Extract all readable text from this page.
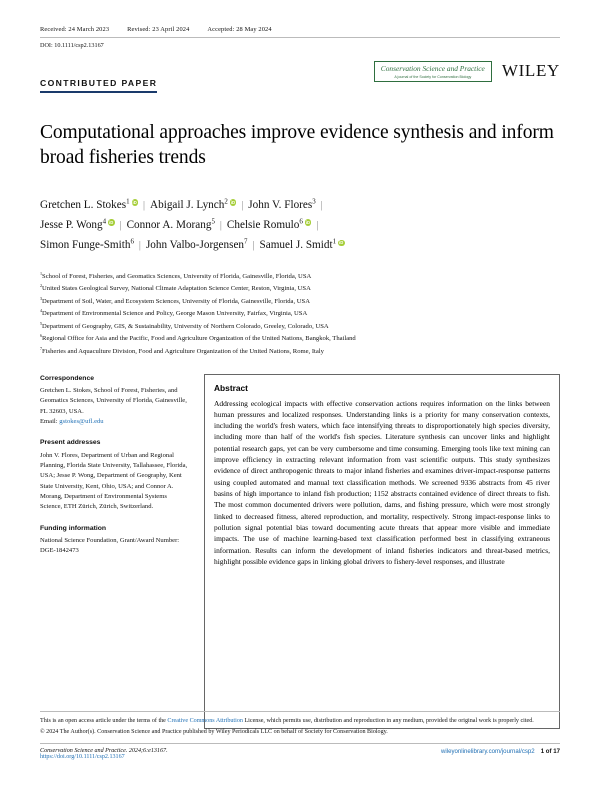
Received: 24 March 2023	Revised: 23 April 2024	Accepted: 28 May 2024
DOI: 10.1111/csp2.13167
CONTRIBUTED PAPER
Conservation Science and Practice
A journal of the Society for Conservation Biology	WILEY
Computational approaches improve evidence synthesis and inform broad fisheries trends
Gretchen L. Stokes$^1$ iD | Abigail J. Lynch$^2$ iD | John V. Flores$^3$ |
Jesse P. Wong$^4$ iD | Connor A. Morang$^5$ | Chelsie Romulo$^6$ iD |
Simon Funge-Smith$^6$ | John Valbo-Jorgensen$^7$ | Samuel J. Smidt$^1$iD
$^1$School of Forest, Fisheries, and Geomatics Sciences, University of Florida, Gainesville, Florida, USA
$^2$United States Geological Survey, National Climate Adaptation Science Center, Reston, Virginia, USA
$^3$Department of Soil, Water, and Ecosystem Sciences, University of Florida, Gainesville, Florida, USA
$^4$Department of Environmental Science and Policy, George Mason University, Fairfax, Virginia, USA
$^5$Department of Geography, GIS, & Sustainability, University of Northern Colorado, Greeley, Colorado, USA
$^6$Regional Office for Asia and the Pacific, Food and Agriculture Organization of the United Nations, Bangkok, Thailand
$^7$Fisheries and Aquaculture Division, Food and Agriculture Organization of the United Nations, Rome, Italy
Correspondence
Gretchen L. Stokes, School of Forest, Fisheries, and Geomatics Sciences, University of Florida, Gainesville, FL 32603, USA.
Email: gstokes@ufl.edu
Present addresses
John V. Flores, Department of Urban and Regional Planning, Florida State University, Tallahassee, Florida, USA; Jesse P. Wong, Department of Geography, Kent State University, Kent, Ohio, USA; and Connor A. Morang, Department of Environmental Systems Science, ETH Zürich, Zürich, Switzerland.
Funding information
National Science Foundation, Grant/Award Number: DGE-1842473
Abstract

Addressing ecological impacts with effective conservation actions requires information on the links between human pressures and localized responses. Understanding links is a priority for many conservation contexts, including the world's fresh waters, which face intensifying threats to disproportionately high species diversity, including more than half of the world's fish species. Literature synthesis can uncover links and highlight potential research gaps, yet can be very cumbersome and time consuming. Emerging tools like text mining can improve efficiency in extracting relevant information from vast scientific outputs. This study synthesizes evidence of direct anthropogenic threats to major inland fisheries and examines driver-impact-response patterns using coupled automated and manual text classification methods. We screened 9336 abstracts from 45 river basins of high importance to inland fish production; 1152 abstracts contained evidence of direct threats to fish. The most common documented drivers were pollution, dams, and fishing pressure, which were most strongly linked to decreased fitness, altered reproduction, and mortality, respectively. Strong impact-response links to pollution signal potential bias toward documenting acute threats that appear more visible and immediate impacts. The use of machine learning-based text classification performed best in classifying extraneous information. Results can inform the development of inland fisheries indicators and threat-based metrics, highlight possible evidence gaps in linking global drivers to fishery-level responses, and illustrate

This is an open access article under the terms of the Creative Commons Attribution License, which permits use, distribution and reproduction in any medium, provided the original work is properly cited.
© 2024 The Author(s). Conservation Science and Practice published by Wiley Periodicals LLC on behalf of Society for Conservation Biology.
Conservation Science and Practice. 2024;6:e13167.
https://doi.org/10.1111/csp2.13167
wileyonlinelibrary.com/journal/csp2 1 of 17
